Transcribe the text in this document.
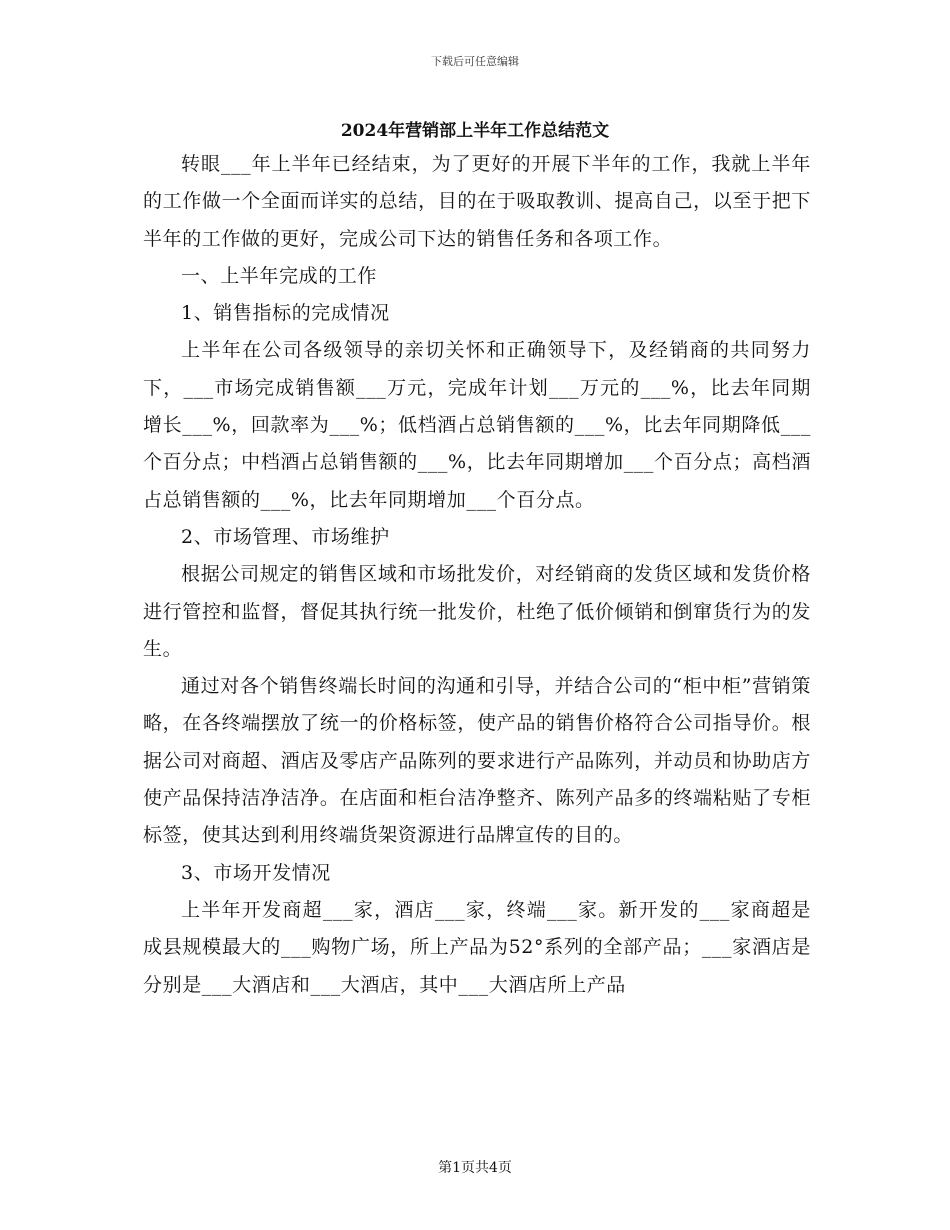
下载后可任意编辑
2024年营销部上半年工作总结范文

转眼___年上半年已经结束，为了更好的开展下半年的工作，我就上半年的工作做一个全面而详实的总结，目的在于吸取教训、提高自己，以至于把下半年的工作做的更好，完成公司下达的销售任务和各项工作。

一、上半年完成的工作

1、销售指标的完成情况

上半年在公司各级领导的亲切关怀和正确领导下，及经销商的共同努力下，___市场完成销售额___万元，完成年计划___万元的___%，比去年同期增长___%，回款率为___%；低档酒占总销售额的___%，比去年同期降低___个百分点；中档酒占总销售额的___%，比去年同期增加___个百分点；高档酒占总销售额的___%，比去年同期增加___个百分点。

2、市场管理、市场维护

根据公司规定的销售区域和市场批发价，对经销商的发货区域和发货价格进行管控和监督，督促其执行统一批发价，杜绝了低价倾销和倒窜货行为的发生。

通过对各个销售终端长时间的沟通和引导，并结合公司的“柜中柜”营销策略，在各终端摆放了统一的价格标签，使产品的销售价格符合公司指导价。根据公司对商超、酒店及零店产品陈列的要求进行产品陈列，并动员和协助店方使产品保持洁净洁净。在店面和柜台洁净整齐、陈列产品多的终端粘贴了专柜标签，使其达到利用终端货架资源进行品牌宣传的目的。

3、市场开发情况

上半年开发商超___家，酒店___家，终端___家。新开发的___家商超是成县规模最大的___购物广场，所上产品为52°系列的全部产品；___家酒店是分别是___大酒店和___大酒店，其中___大酒店所上产品

第1页共4页
